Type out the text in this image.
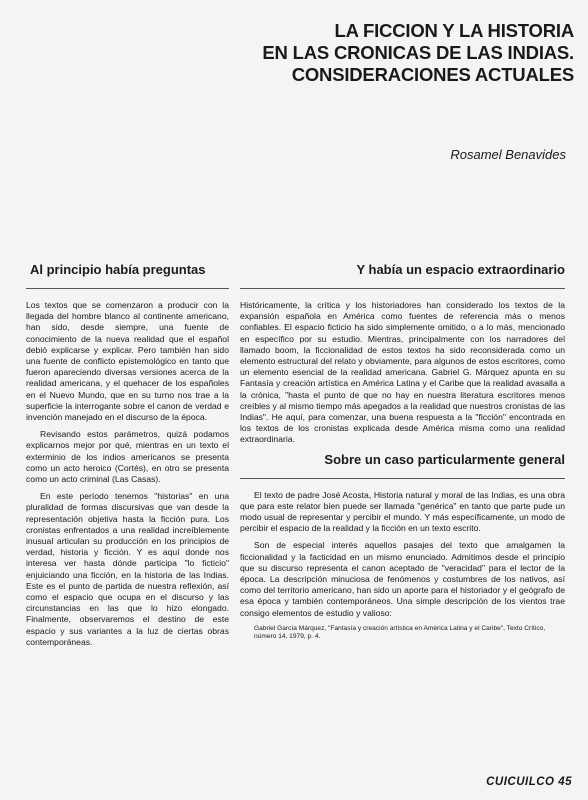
LA FICCION Y LA HISTORIA
EN LAS CRONICAS DE LAS INDIAS.
CONSIDERACIONES ACTUALES

Rosamel Benavides

Al principio había preguntas

Los textos que se comenzaron a producir con la llegada del hombre blanco al continente americano, han sido, desde siempre, una fuente de conocimiento de la nueva realidad que el español debió explicarse y explicar. Pero también han sido una fuente de conflicto epistemológico en tanto que fueron apareciendo diversas versiones acerca de la realidad americana, y el quehacer de los españoles en el Nuevo Mundo, que en su turno nos trae a la superficie la interrogante sobre el canon de verdad e invención manejado en el discurso de la época.

Revisando estos parámetros, quizá podamos explicarnos mejor por qué, mientras en un texto el exterminio de los indios americanos se presenta como un acto heroico (Cortés), en otro se presenta como un acto criminal (Las Casas).

En este período tenemos "historias" en una pluralidad de formas discursivas que van desde la representación objetiva hasta la ficción pura. Los cronistas enfrentados a una realidad increíblemente inusual articulan su producción en los principios de verdad, historia y ficción. Y es aquí donde nos interesa ver hasta dónde participa "lo ficticio" enjuiciando una ficción, en la historia de las Indias. Este es el punto de partida de nuestra reflexión, así como el espacio que ocupa en el discurso y las circunstancias en las que lo hizo elongado. Finalmente, observaremos el destino de este espacio y sus variantes a la luz de ciertas obras contemporáneas.

Y había un espacio extraordinario

Históricamente, la crítica y los historiadores han considerado los textos de la expansión española en América como fuentes de referencia más o menos confiables. El espacio ficticio ha sido simplemente omitido, o a lo más, mencionado en específico por su estudio. Mientras, principalmente con los narradores del llamado boom, la ficcionalidad de estos textos ha sido reconsiderada como un elemento estructural del relato y obviamente, para algunos de estos escritores, como un elemento esencial de la realidad americana. Gabriel G. Márquez apunta en su Fantasía y creación artística en América Latina y el Caribe que la realidad avasalla a la crónica, "hasta el punto de que no hay en nuestra literatura escritores menos creíbles y al mismo tiempo más apegados a la realidad que nuestros cronistas de las Indias". He aquí, para comenzar, una buena respuesta a la "ficción" encontrada en los textos de los cronistas explicada desde América misma como una realidad extraordinaria.

Sobre un caso particularmente general

El texto de padre José Acosta, Historia natural y moral de las Indias, es una obra que para este relator bien puede ser llamada "genérica" en tanto que parte pude un modo usual de representar y percibir el mundo. Y más específicamente, un modo de percibir el espacio de la realidad y la ficción en un texto escrito.

Son de especial interés aquellos pasajes del texto que amalgamen la ficcionalidad y la facticidad en un mismo enunciado. Admitimos desde el principio que su discurso representa el canon aceptado de "veracidad" para el lector de la época. La descripción minuciosa de fenómenos y costumbres de los nativos, así como del territorio americano, han sido un aporte para el historiador y el geógrafo de esa época y también contemporáneos. Una simple descripción de los vientos trae consigo elementos de estudio y valioso:

Gabriel García Márquez, "Fantasía y creación artística en América Latina y el Caribe", Texto Crítico, número 14, 1979, p. 4.

CUICUILCO 45
